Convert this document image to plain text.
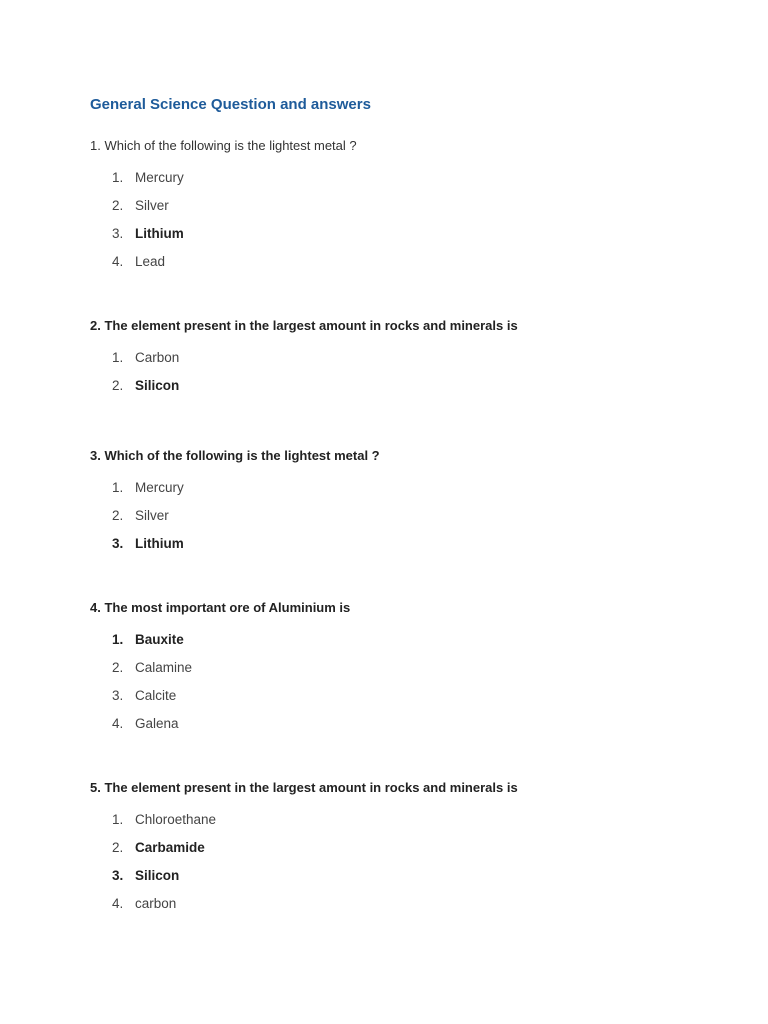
General Science Question and answers

1. Which of the following is the lightest metal ?

1. Mercury
2. Silver
3. Lithium
4. Lead

2. The element present in the largest amount in rocks and minerals is

1. Carbon
2. Silicon

3. Which of the following is the lightest metal ?

1. Mercury
2. Silver
3. Lithium

4. The most important ore of Aluminium is

1. Bauxite
2. Calamine
3. Calcite
4. Galena

5. The element present in the largest amount in rocks and minerals is

1. Chloroethane
2. Carbamide
3. Silicon
4. carbon
